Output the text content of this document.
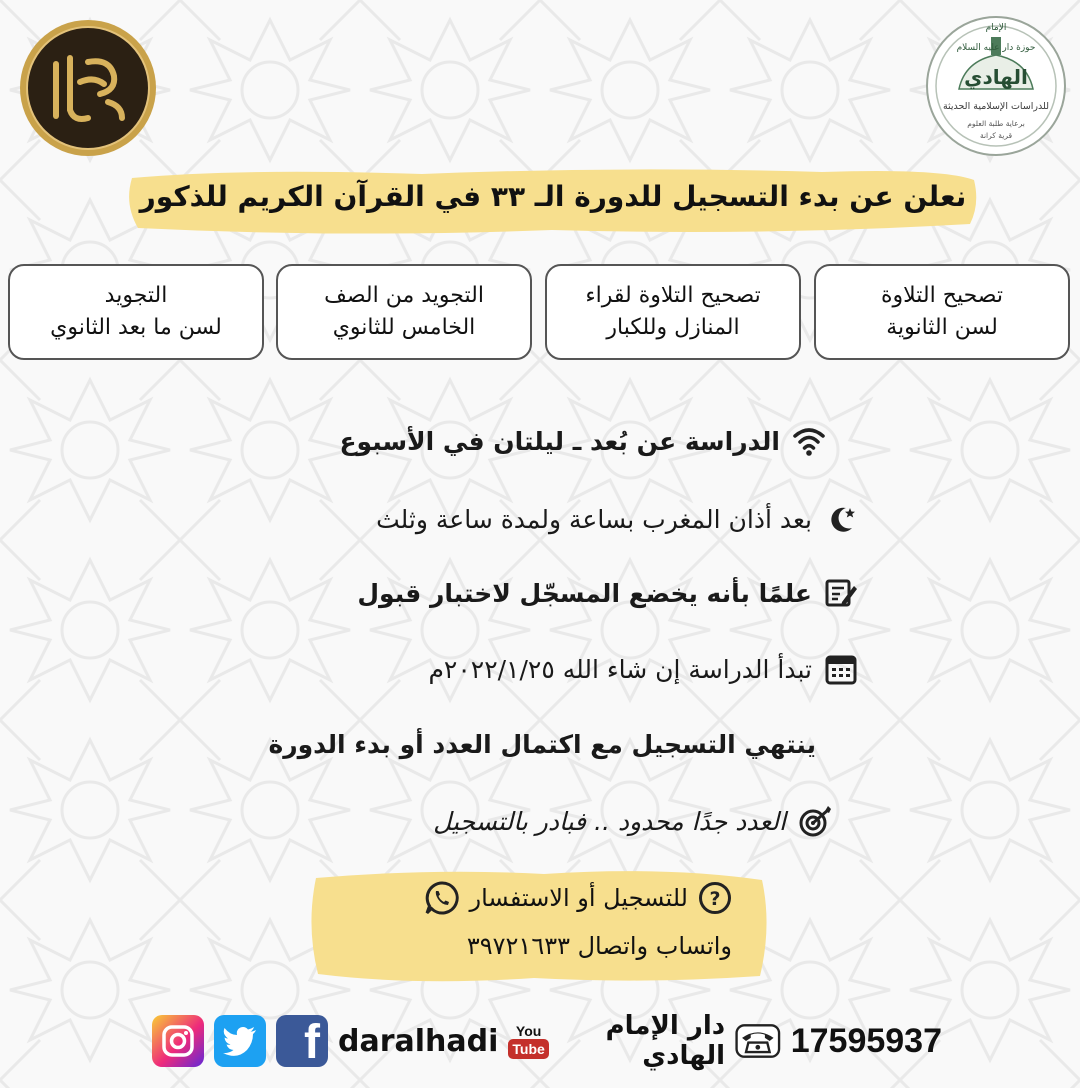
الإمام
حوزة دار عليه السلام
الهادي
للدراسات الإسلامية الحديثة
برعاية طلبة العلوم
قرية كرانة
نعلن عن بدء التسجيل للدورة الـ ٣٣ في القرآن الكريم للذكور
تصحيح التلاوة
لسن الثانوية
تصحيح التلاوة لقراء
المنازل وللكبار
التجويد من الصف
الخامس للثانوي
التجويد
لسن ما بعد الثانوي
الدراسة عن بُعد ـ ليلتان في الأسبوع
بعد أذان المغرب بساعة ولمدة ساعة وثلث
علمًا بأنه يخضع المسجّل لاختبار قبول
تبدأ الدراسة إن شاء الله ٢٠٢٢/١/٢٥م
ينتهي التسجيل مع اكتمال العدد أو بدء الدورة
العدد جدًا محدود .. فبادر بالتسجيل
?
للتسجيل أو الاستفسار
واتساب واتصال ٣٩٧٢١٦٣٣
f daralhadi You
Tube
دار الإمام الهادي 17595937
